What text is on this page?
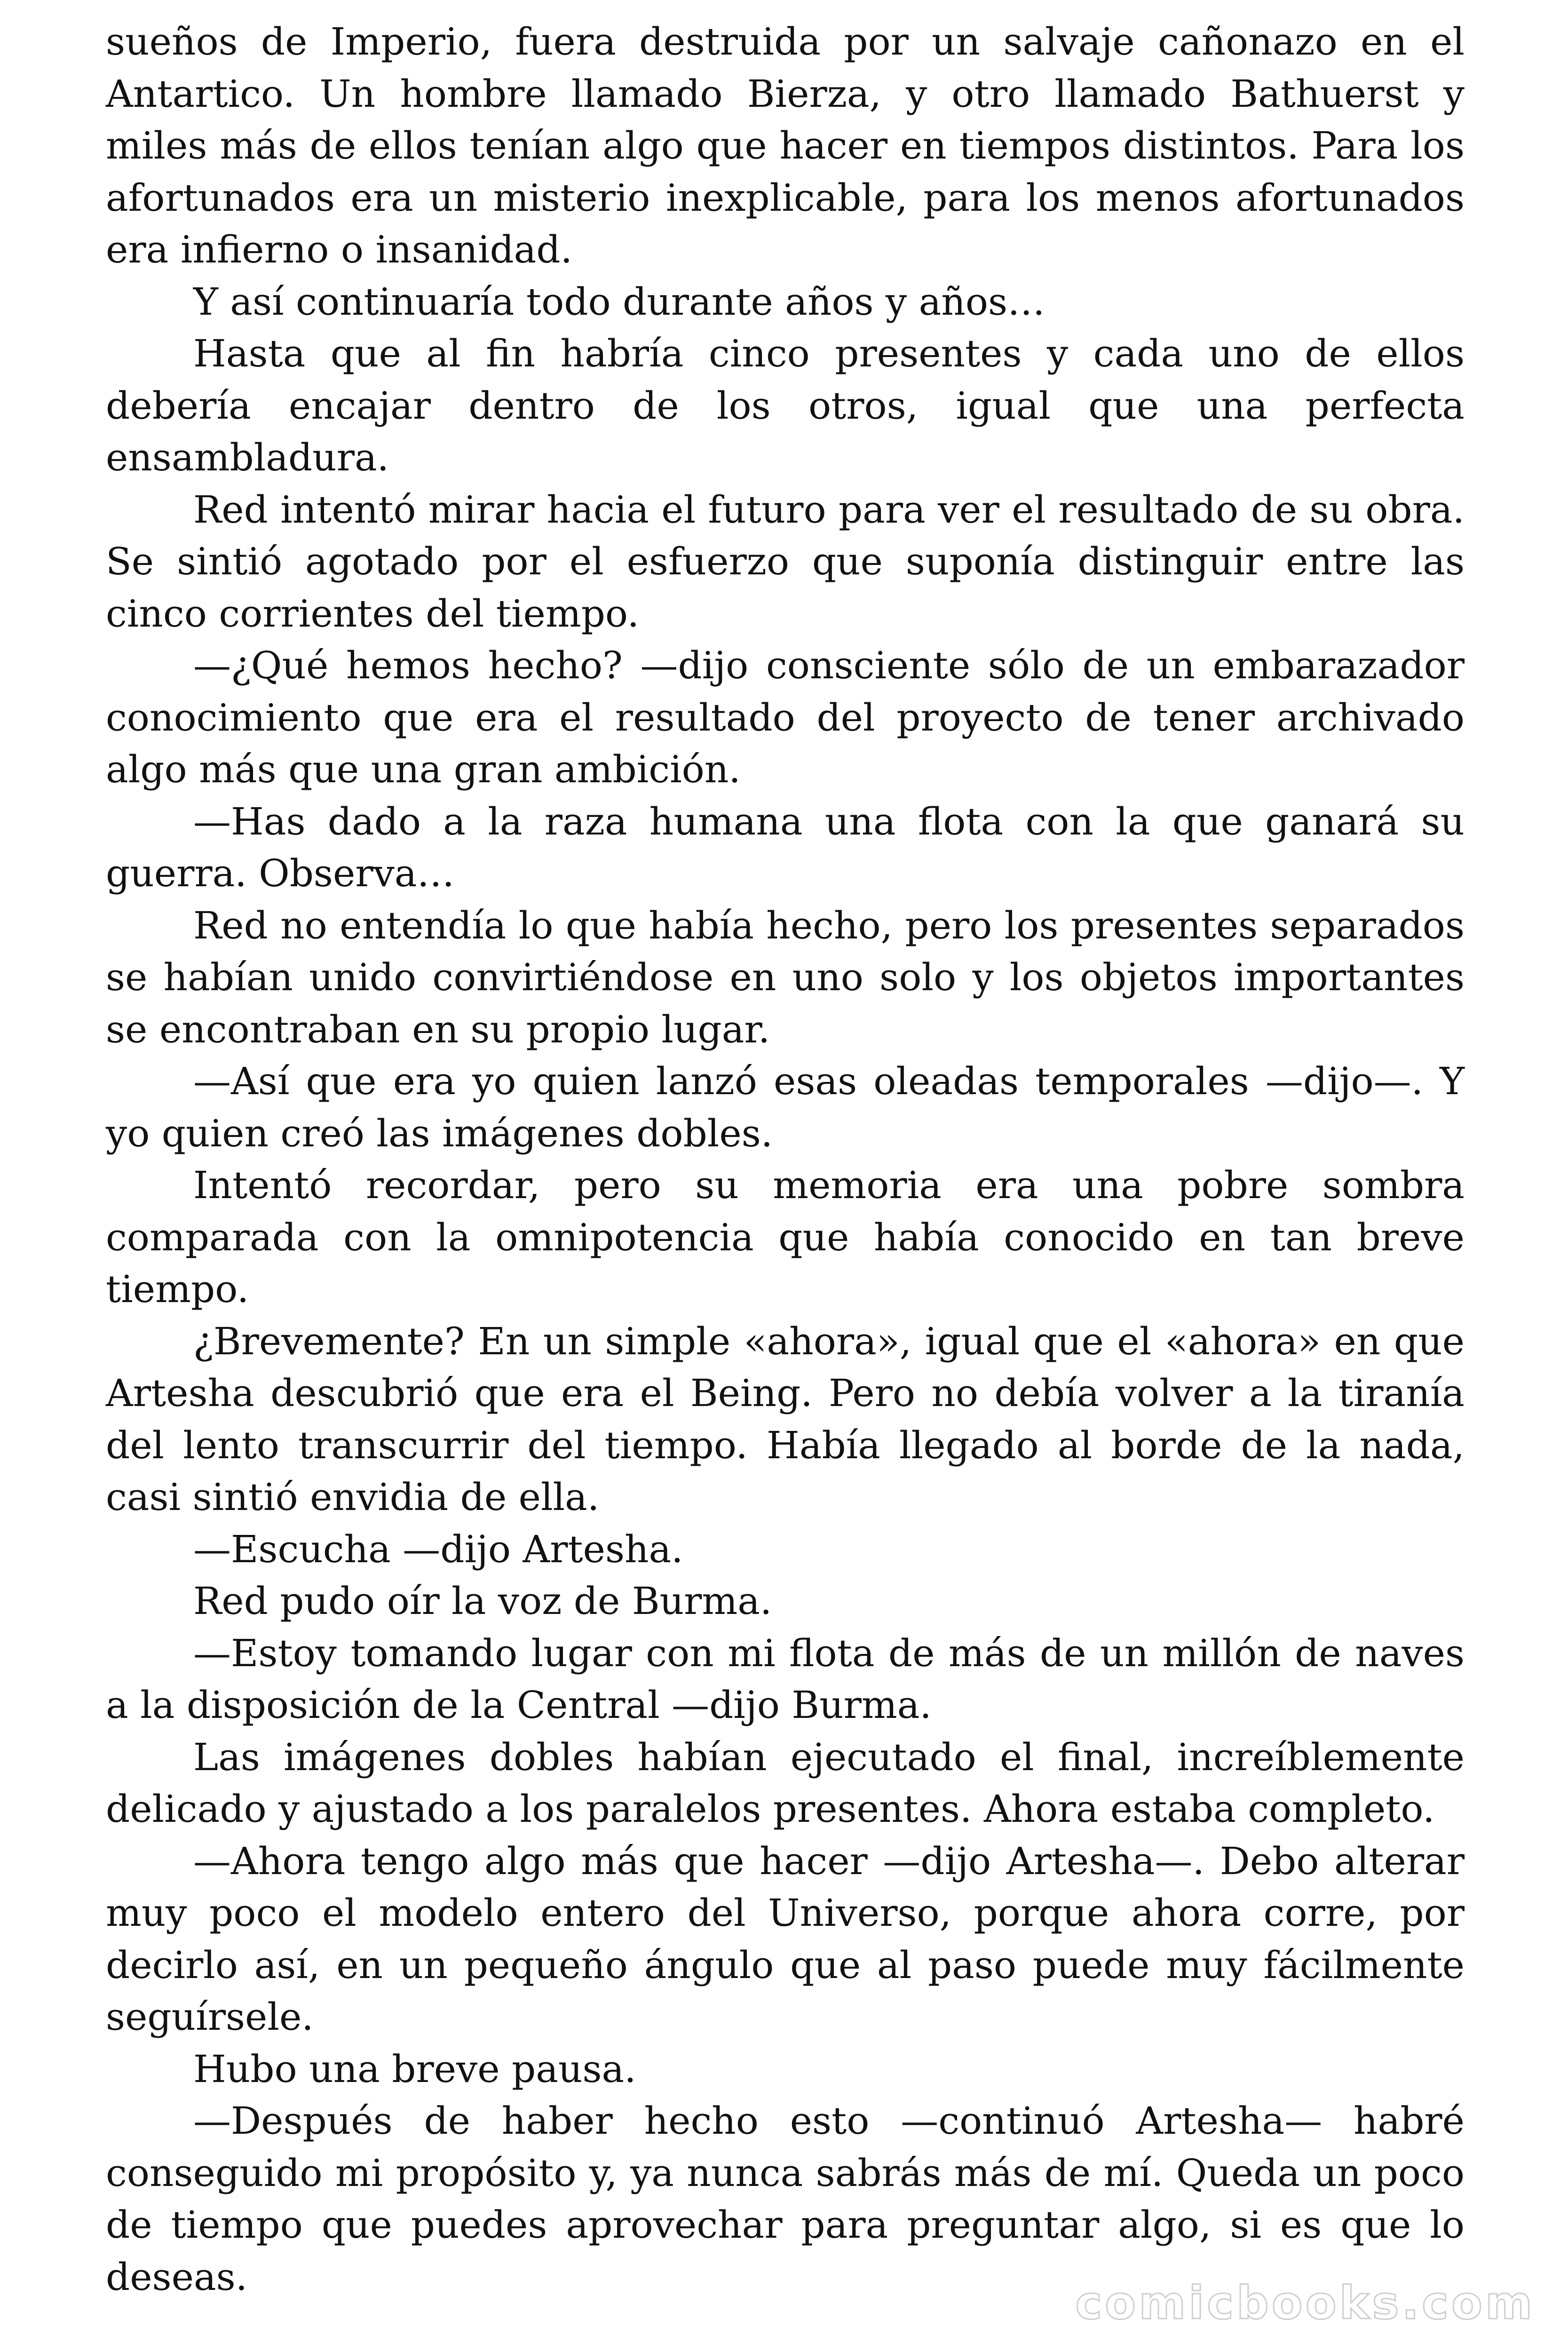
sueños de Imperio, fuera destruida por un salvaje cañonazo en el Antartico. Un hombre llamado Bierza, y otro llamado Bathuerst y miles más de ellos tenían algo que hacer en tiempos distintos. Para los afortunados era un misterio inexplicable, para los menos afortunados era infierno o insanidad.

Y así continuaría todo durante años y años…

Hasta que al fin habría cinco presentes y cada uno de ellos debería encajar dentro de los otros, igual que una perfecta ensambladura.

Red intentó mirar hacia el futuro para ver el resultado de su obra. Se sintió agotado por el esfuerzo que suponía distinguir entre las cinco corrientes del tiempo.

—¿Qué hemos hecho? —dijo consciente sólo de un embarazador conocimiento que era el resultado del proyecto de tener archivado algo más que una gran ambición.

—Has dado a la raza humana una flota con la que ganará su guerra. Observa…

Red no entendía lo que había hecho, pero los presentes separados se habían unido convirtiéndose en uno solo y los objetos importantes se encontraban en su propio lugar.

—Así que era yo quien lanzó esas oleadas temporales —dijo—. Y yo quien creó las imágenes dobles.

Intentó recordar, pero su memoria era una pobre sombra comparada con la omnipotencia que había conocido en tan breve tiempo.

¿Brevemente? En un simple «ahora», igual que el «ahora» en que Artesha descubrió que era el Being. Pero no debía volver a la tiranía del lento transcurrir del tiempo. Había llegado al borde de la nada, casi sintió envidia de ella.

—Escucha —dijo Artesha.

Red pudo oír la voz de Burma.

—Estoy tomando lugar con mi flota de más de un millón de naves a la disposición de la Central —dijo Burma.

Las imágenes dobles habían ejecutado el final, increíblemente delicado y ajustado a los paralelos presentes. Ahora estaba completo.

—Ahora tengo algo más que hacer —dijo Artesha—. Debo alterar muy poco el modelo entero del Universo, porque ahora corre, por decirlo así, en un pequeño ángulo que al paso puede muy fácilmente seguírsele.

Hubo una breve pausa.

—Después de haber hecho esto —continuó Artesha— habré conseguido mi propósito y, ya nunca sabrás más de mí. Queda un poco de tiempo que puedes aprovechar para preguntar algo, si es que lo deseas.	comicbooks.com
